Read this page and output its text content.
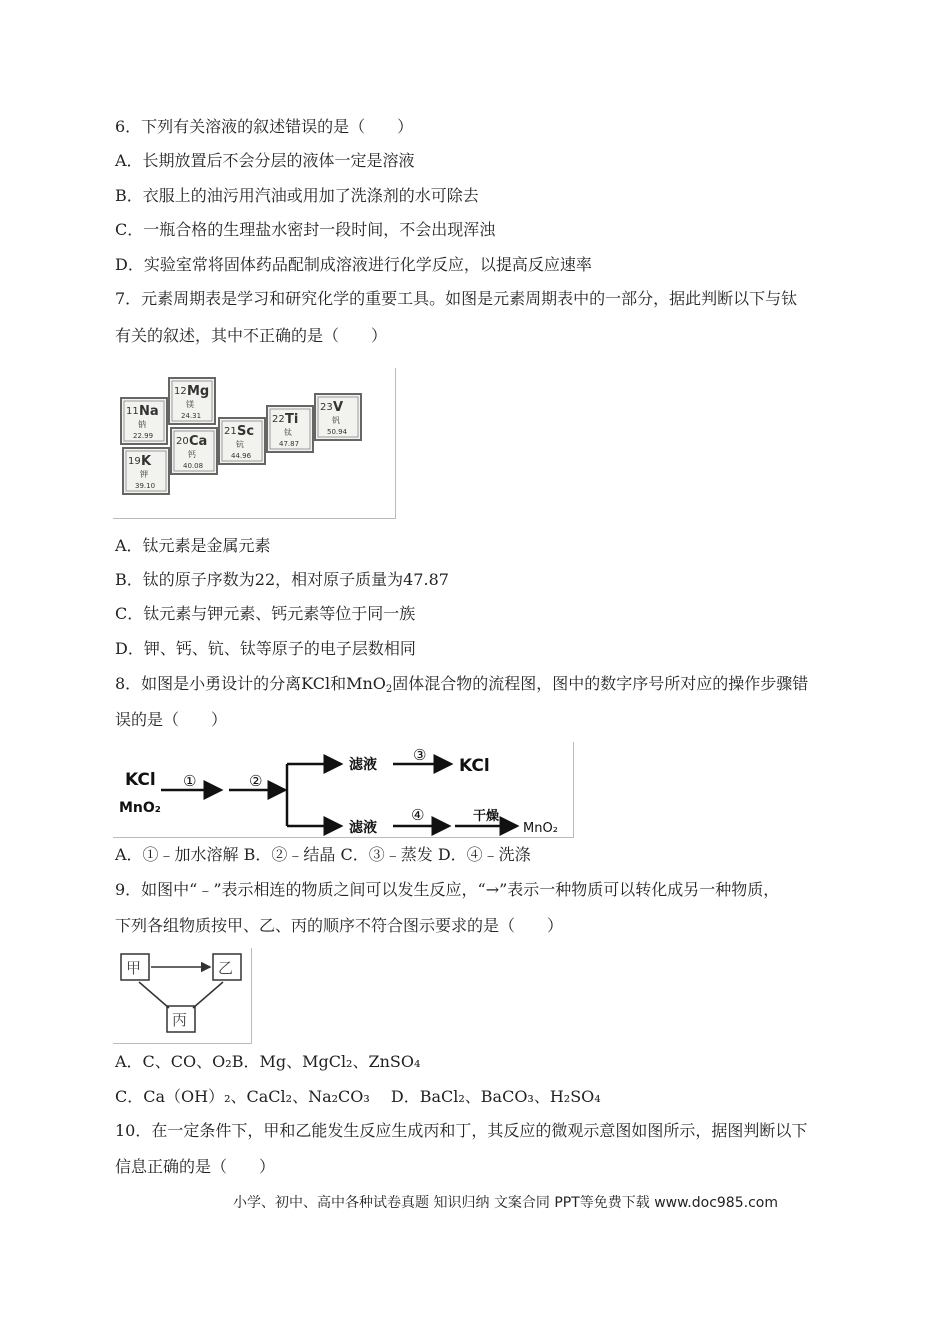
6．下列有关溶液的叙述错误的是（　　）
A．长期放置后不会分层的液体一定是溶液
B．衣服上的油污用汽油或用加了洗涤剂的水可除去
C．一瓶合格的生理盐水密封一段时间，不会出现浑浊
D．实验室常将固体药品配制成溶液进行化学反应，以提高反应速率
7．元素周期表是学习和研究化学的重要工具。如图是元素周期表中的一部分，据此判断以下与钛
有关的叙述，其中不正确的是（　　）
11 Na
钠
22.99
12 Mg
镁
24.31
19 K
钾
39.10
20 Ca
钙
40.08
21 Sc
钪
44.96
22 Ti
钛
47.87
23 V
钒
50.94
A．钛元素是金属元素
B．钛的原子序数为22，相对原子质量为47.87
C．钛元素与钾元素、钙元素等位于同一族
D．钾、钙、钪、钛等原子的电子层数相同
8．如图是小勇设计的分离KCl和MnO$_2$固体混合物的流程图，图中的数字序号所对应的操作步骤错
误的是（　　）
KCl
MnO₂
①	②
滤液
滤液
③
KCl
④	干燥
MnO₂
A．①﹣加水溶解 B．②﹣结晶 C．③﹣蒸发 D．④﹣洗涤
9．如图中“﹣”表示相连的物质之间可以发生反应，“→”表示一种物质可以转化成另一种物质，
下列各组物质按甲、乙、丙的顺序不符合图示要求的是（　　）
甲	乙
丙
A．C、CO、O₂B．Mg、MgCl₂、ZnSO₄
C．Ca（OH）₂、CaCl₂、Na₂CO₃　 D．BaCl₂、BaCO₃、H₂SO₄
10．在一定条件下，甲和乙能发生反应生成丙和丁，其反应的微观示意图如图所示，据图判断以下
信息正确的是（　　）
小学、初中、高中各种试卷真题 知识归纳 文案合同 PPT等免费下载 www.doc985.com
